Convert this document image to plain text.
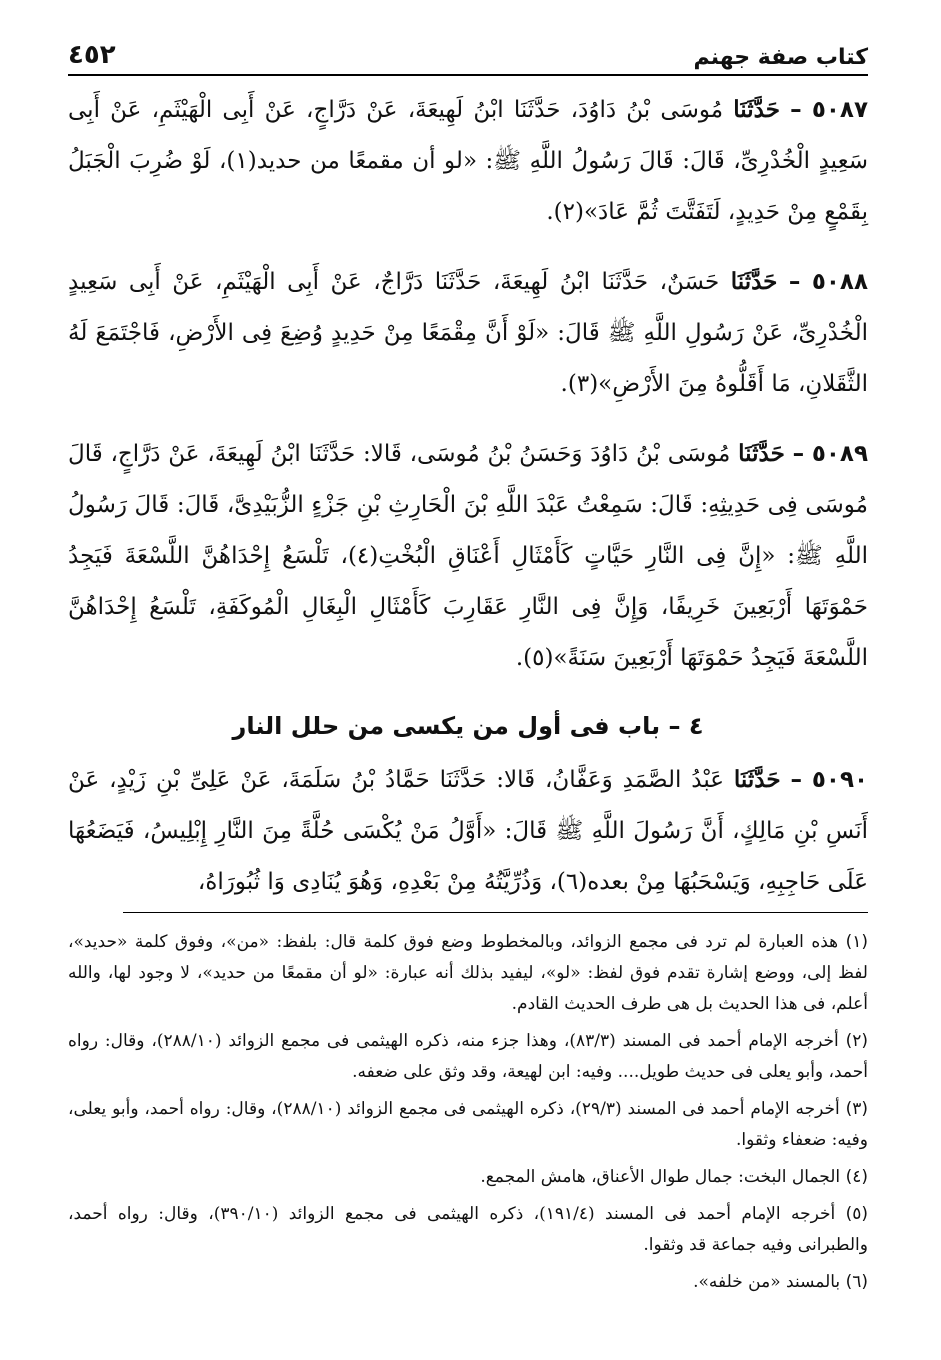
كتاب صفة جهنم
٤٥٢
٥٠٨٧ – حَدَّثَنَا مُوسَى بْنُ دَاوُدَ، حَدَّثَنَا ابْنُ لَهِيعَةَ، عَنْ دَرَّاجٍ، عَنْ أَبِى الْهَيْثَمِ، عَنْ أَبِى سَعِيدٍ الْخُدْرِىِّ، قَالَ: قَالَ رَسُولُ اللَّهِ ﷺ: «لو أن مقمعًا من حديد(١)، لَوْ ضُرِبَ الْجَبَلُ بِقَمْعٍ مِنْ حَدِيدٍ، لَتَفَتَّتَ ثُمَّ عَادَ»(٢).
٥٠٨٨ – حَدَّثَنَا حَسَنٌ، حَدَّثَنَا ابْنُ لَهِيعَةَ، حَدَّثَنَا دَرَّاجٌ، عَنْ أَبِى الْهَيْثَمِ، عَنْ أَبِى سَعِيدٍ الْخُدْرِىِّ، عَنْ رَسُولِ اللَّهِ ﷺ قَالَ: «لَوْ أَنَّ مِقْمَعًا مِنْ حَدِيدٍ وُضِعَ فِى الأَرْضِ، فَاجْتَمَعَ لَهُ الثَّقَلانِ، مَا أَقَلُّوهُ مِنَ الأَرْضِ»(٣).
٥٠٨٩ – حَدَّثَنَا مُوسَى بْنُ دَاوُدَ وَحَسَنُ بْنُ مُوسَى، قَالا: حَدَّثَنَا ابْنُ لَهِيعَةَ، عَنْ دَرَّاجٍ، قَالَ مُوسَى فِى حَدِيثِهِ: قَالَ: سَمِعْتُ عَبْدَ اللَّهِ بْنَ الْحَارِثِ بْنِ جَزْءٍ الزُّبَيْدِىَّ، قَالَ: قَالَ رَسُولُ اللَّهِ ﷺ: «إِنَّ فِى النَّارِ حَيَّاتٍ كَأَمْثَالِ أَعْنَاقِ الْبُخْتِ(٤)، تَلْسَعُ إِحْدَاهُنَّ اللَّسْعَةَ فَيَجِدُ حَمْوَتَهَا أَرْبَعِينَ خَرِيفًا، وَإِنَّ فِى النَّارِ عَقَارِبَ كَأَمْثَالِ الْبِغَالِ الْمُوكَفَةِ، تَلْسَعُ إِحْدَاهُنَّ اللَّسْعَةَ فَيَجِدُ حَمْوَتَهَا أَرْبَعِينَ سَنَةً»(٥).
٤ – باب فى أول من يكسى من حلل النار
٥٠٩٠ – حَدَّثَنَا عَبْدُ الصَّمَدِ وَعَفَّانُ، قَالا: حَدَّثَنَا حَمَّادُ بْنُ سَلَمَةَ، عَنْ عَلِىِّ بْنِ زَيْدٍ، عَنْ أَنَسِ بْنِ مَالِكٍ، أَنَّ رَسُولَ اللَّهِ ﷺ قَالَ: «أَوَّلُ مَنْ يُكْسَى حُلَّةً مِنَ النَّارِ إِبْلِيسُ، فَيَضَعُهَا عَلَى حَاجِبِهِ، وَيَسْحَبُهَا مِنْ بعده(٦)، وَذُرِّيَّتُهُ مِنْ بَعْدِهِ، وَهُوَ يُنَادِى وَا ثُبُورَاهُ،
(١) هذه العبارة لم ترد فى مجمع الزوائد، وبالمخطوط وضع فوق كلمة قال: بلفظ: «من»، وفوق كلمة «حديد»، لفظ إلى، ووضع إشارة تقدم فوق لفظ: «لو»، ليفيد بذلك أنه عبارة: «لو أن مقمعًا من حديد»، لا وجود لها، والله أعلم، فى هذا الحديث بل هى طرف الحديث القادم.
(٢) أخرجه الإمام أحمد فى المسند (٨٣/٣)، وهذا جزء منه، ذكره الهيثمى فى مجمع الزوائد (٢٨٨/١٠)، وقال: رواه أحمد، وأبو يعلى فى حديث طويل.... وفيه: ابن لهيعة، وقد وثق على ضعفه.
(٣) أخرجه الإمام أحمد فى المسند (٢٩/٣)، ذكره الهيثمى فى مجمع الزوائد (٢٨٨/١٠)، وقال: رواه أحمد، وأبو يعلى، وفيه: ضعفاء وثقوا.
(٤) الجمال البخت: جمال طوال الأعناق، هامش المجمع.
(٥) أخرجه الإمام أحمد فى المسند (١٩١/٤)، ذكره الهيثمى فى مجمع الزوائد (٣٩٠/١٠)، وقال: رواه أحمد، والطبرانى وفيه جماعة قد وثقوا.
(٦) بالمسند «من خلفه».
